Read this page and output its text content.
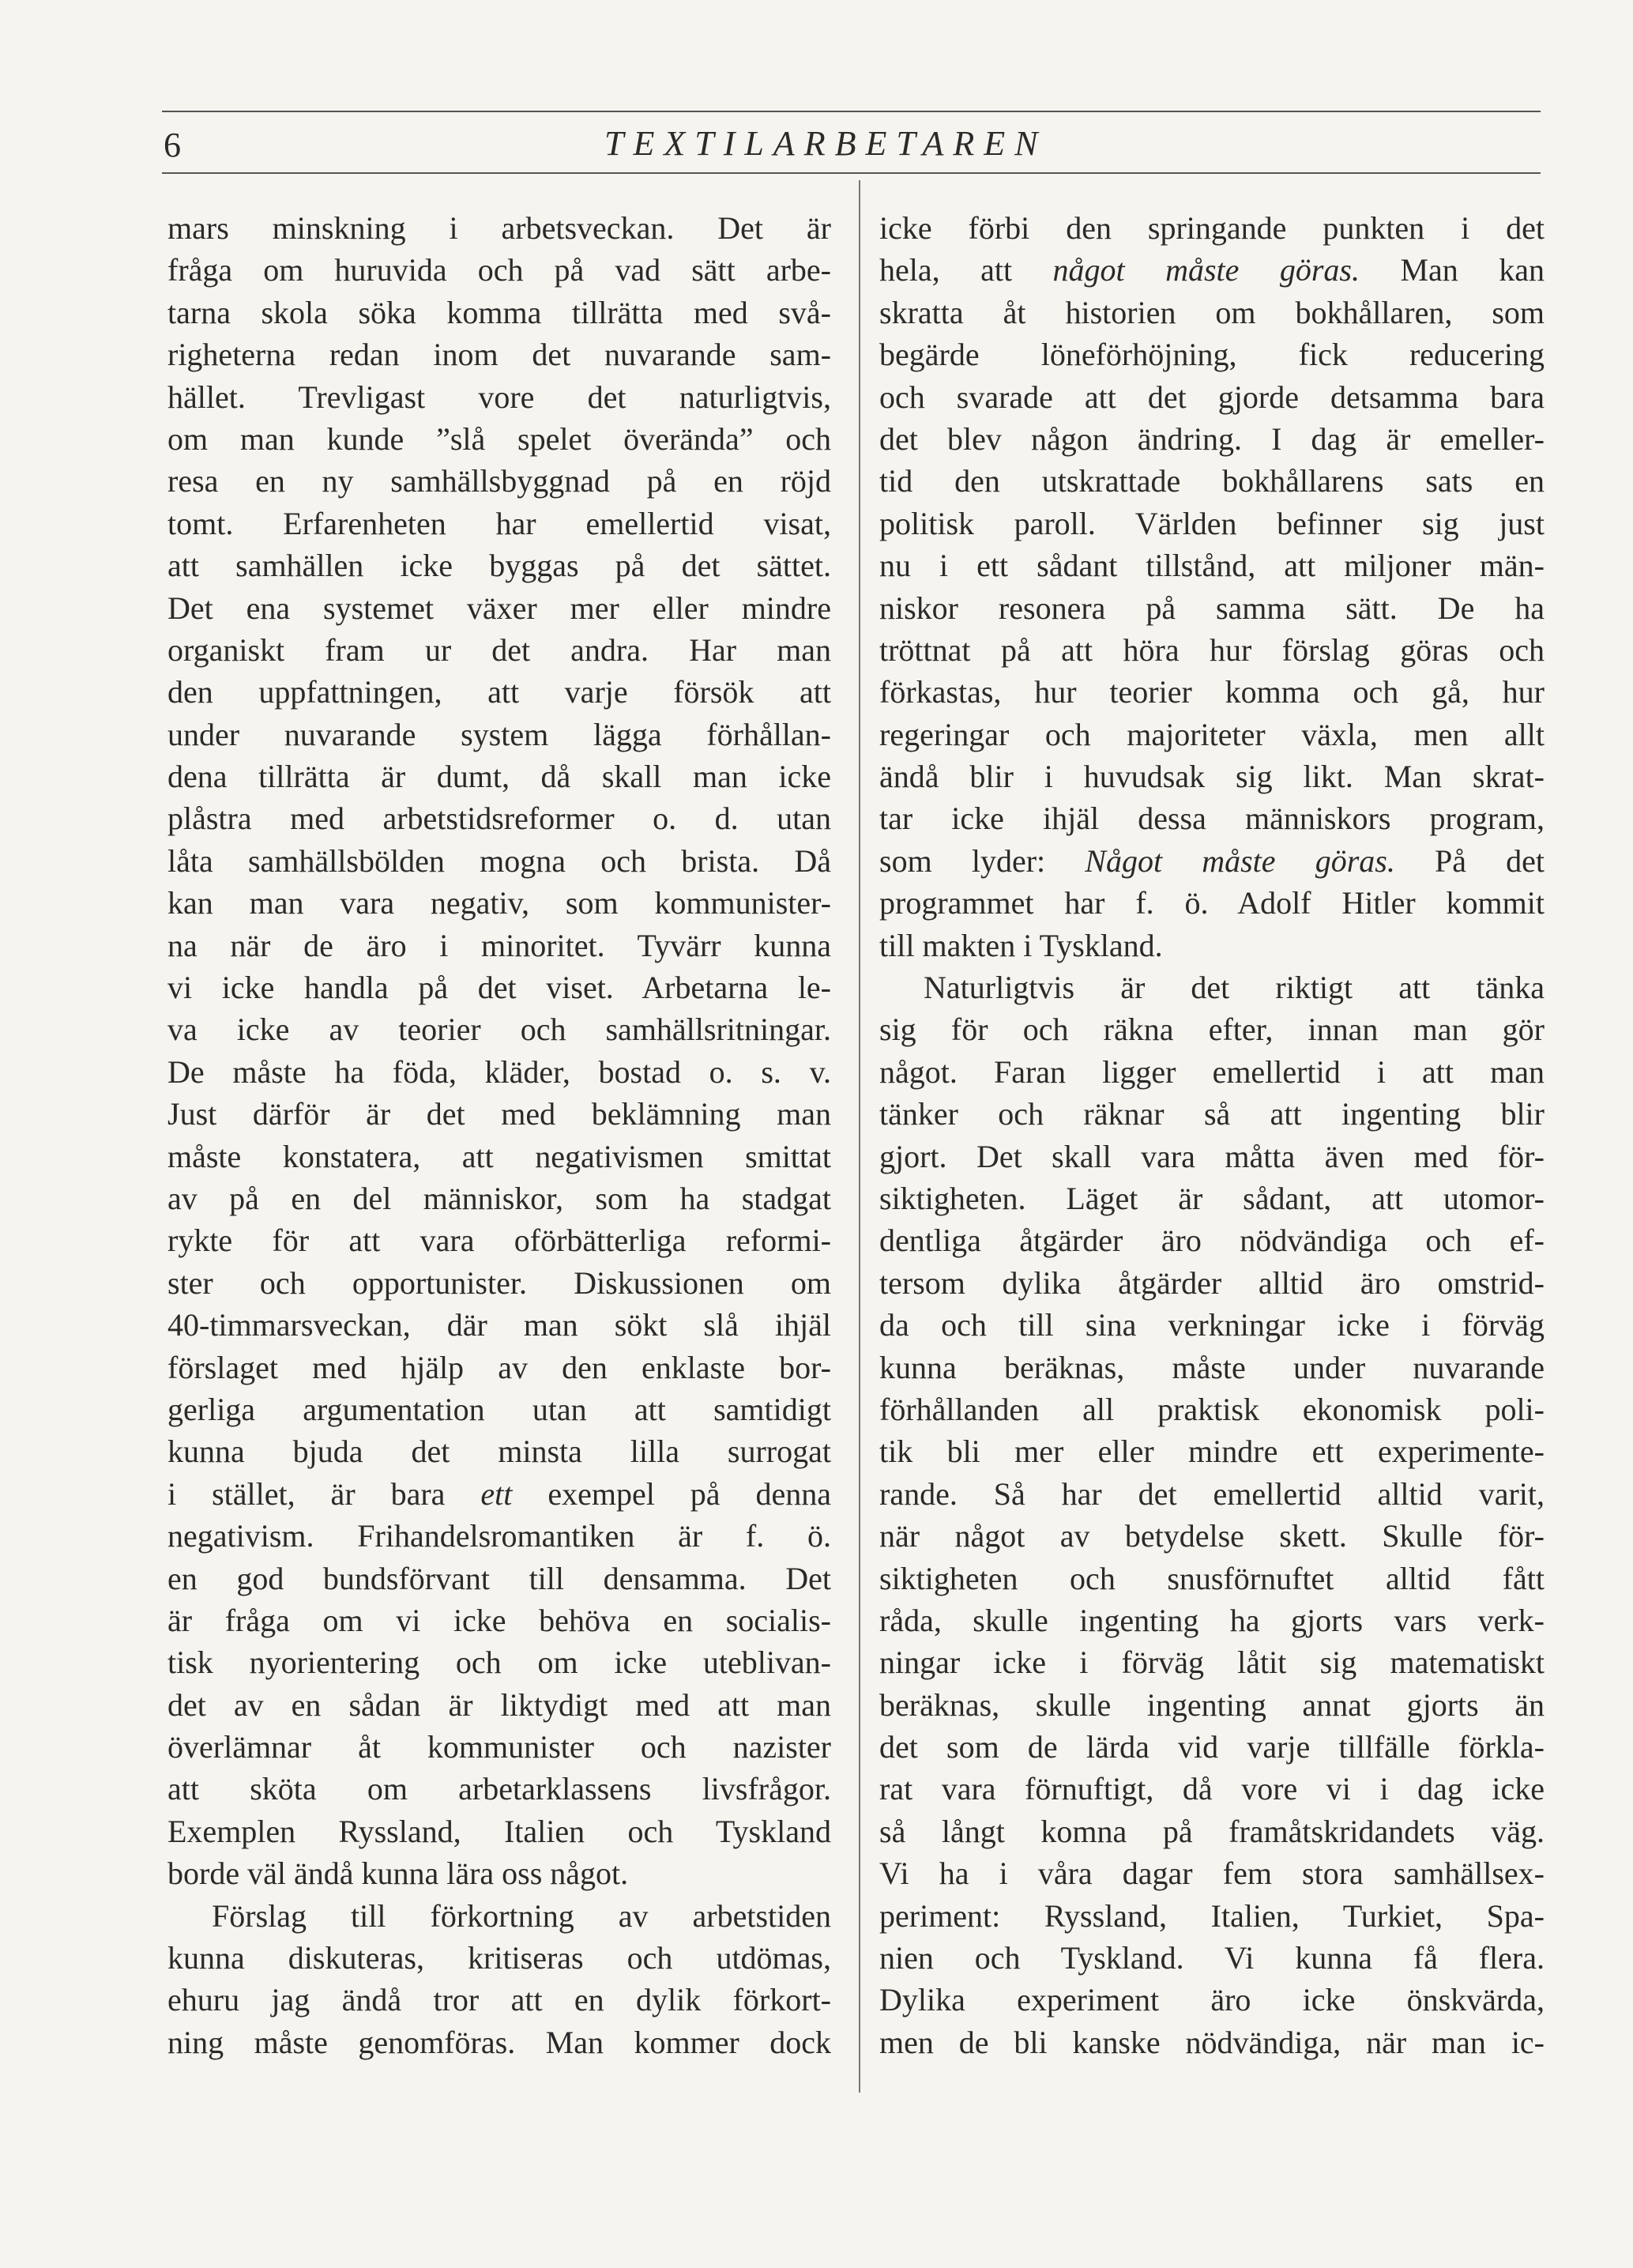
6	TEXTILARBETAREN
mars minskning i arbetsveckan. Det är
fråga om huruvida och på vad sätt arbe-
tarna skola söka komma tillrätta med svå-
righeterna redan inom det nuvarande sam-
hället. Trevligast vore det naturligtvis,
om man kunde ”slå spelet överända” och
resa en ny samhällsbyggnad på en röjd
tomt. Erfarenheten har emellertid visat,
att samhällen icke byggas på det sättet.
Det ena systemet växer mer eller mindre
organiskt fram ur det andra. Har man
den uppfattningen, att varje försök att
under nuvarande system lägga förhållan-
dena tillrätta är dumt, då skall man icke
plåstra med arbetstidsreformer o. d. utan
låta samhällsbölden mogna och brista. Då
kan man vara negativ, som kommunister-
na när de äro i minoritet. Tyvärr kunna
vi icke handla på det viset. Arbetarna le-
va icke av teorier och samhällsritningar.
De måste ha föda, kläder, bostad o. s. v.
Just därför är det med beklämning man
måste konstatera, att negativismen smittat
av på en del människor, som ha stadgat
rykte för att vara oförbätterliga reformi-
ster och opportunister. Diskussionen om
40-timmarsveckan, där man sökt slå ihjäl
förslaget med hjälp av den enklaste bor-
gerliga argumentation utan att samtidigt
kunna bjuda det minsta lilla surrogat
i stället, är bara ett exempel på denna
negativism. Frihandelsromantiken är f. ö.
en god bundsförvant till densamma. Det
är fråga om vi icke behöva en socialis-
tisk nyorientering och om icke uteblivan-
det av en sådan är liktydigt med att man
överlämnar åt kommunister och nazister
att sköta om arbetarklassens livsfrågor.
Exemplen Ryssland, Italien och Tyskland
borde väl ändå kunna lära oss något.
Förslag till förkortning av arbetstiden
kunna diskuteras, kritiseras och utdömas,
ehuru jag ändå tror att en dylik förkort-
ning måste genomföras. Man kommer dock
icke förbi den springande punkten i det
hela, att något måste göras. Man kan
skratta åt historien om bokhållaren, som
begärde löneförhöjning, fick reducering
och svarade att det gjorde detsamma bara
det blev någon ändring. I dag är emeller-
tid den utskrattade bokhållarens sats en
politisk paroll. Världen befinner sig just
nu i ett sådant tillstånd, att miljoner män-
niskor resonera på samma sätt. De ha
tröttnat på att höra hur förslag göras och
förkastas, hur teorier komma och gå, hur
regeringar och majoriteter växla, men allt
ändå blir i huvudsak sig likt. Man skrat-
tar icke ihjäl dessa människors program,
som lyder: Något måste göras. På det
programmet har f. ö. Adolf Hitler kommit
till makten i Tyskland.
Naturligtvis är det riktigt att tänka
sig för och räkna efter, innan man gör
något. Faran ligger emellertid i att man
tänker och räknar så att ingenting blir
gjort. Det skall vara måtta även med för-
siktigheten. Läget är sådant, att utomor-
dentliga åtgärder äro nödvändiga och ef-
tersom dylika åtgärder alltid äro omstrid-
da och till sina verkningar icke i förväg
kunna beräknas, måste under nuvarande
förhållanden all praktisk ekonomisk poli-
tik bli mer eller mindre ett experimente-
rande. Så har det emellertid alltid varit,
när något av betydelse skett. Skulle för-
siktigheten och snusförnuftet alltid fått
råda, skulle ingenting ha gjorts vars verk-
ningar icke i förväg låtit sig matematiskt
beräknas, skulle ingenting annat gjorts än
det som de lärda vid varje tillfälle förkla-
rat vara förnuftigt, då vore vi i dag icke
så långt komna på framåtskridandets väg.
Vi ha i våra dagar fem stora samhällsex-
periment: Ryssland, Italien, Turkiet, Spa-
nien och Tyskland. Vi kunna få flera.
Dylika experiment äro icke önskvärda,
men de bli kanske nödvändiga, när man ic-
